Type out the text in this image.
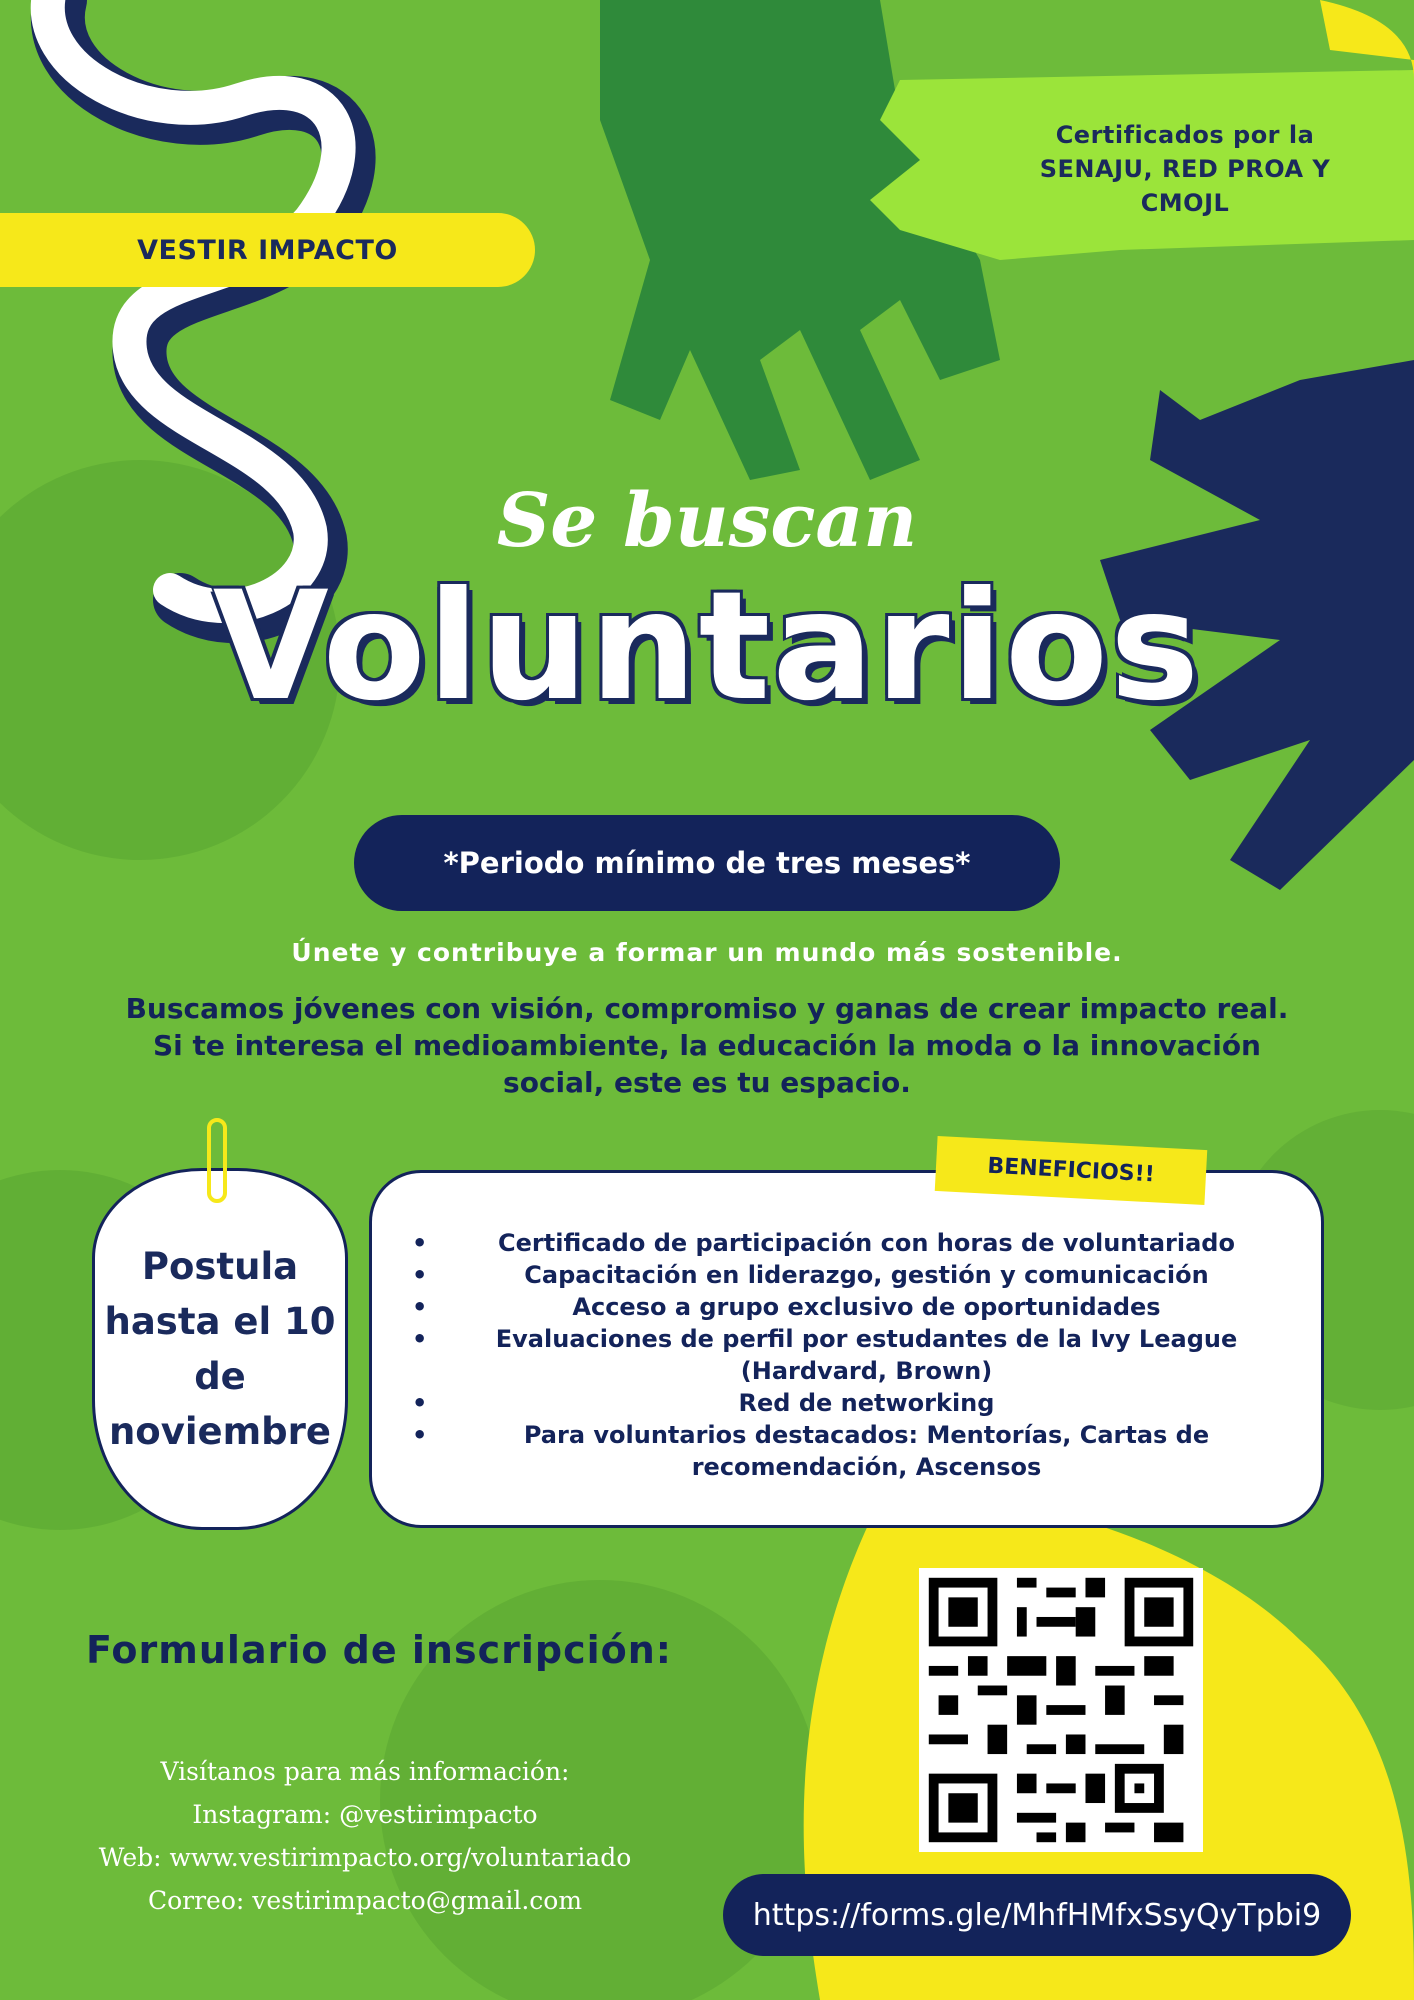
VESTIR IMPACTO
Certificados por la
SENAJU, RED PROA Y
CMOJL
Se buscan
Voluntarios
*Periodo mínimo de tres meses*
Únete y contribuye a formar un mundo más sostenible.
Buscamos jóvenes con visión, compromiso y ganas de crear impacto real.
Si te interesa el medioambiente, la educación la moda o la innovación
social, este es tu espacio.
Postula
hasta el 10
de
noviembre
• Certificado de participación con horas de voluntariado
• Capacitación en liderazgo, gestión y comunicación
• Acceso a grupo exclusivo de oportunidades
• Evaluaciones de perfil por estudantes de la Ivy League (Hardvard, Brown)
• Red de networking
• Para voluntarios destacados: Mentorías, Cartas de recomendación, Ascensos
BENEFICIOS!!
Formulario de inscripción:
Visítanos para más información:
Instagram: @vestirimpacto
Web: www.vestirimpacto.org/voluntariado
Correo: vestirimpacto@gmail.com	https://forms.gle/MhfHMfxSsyQyTpbi9
